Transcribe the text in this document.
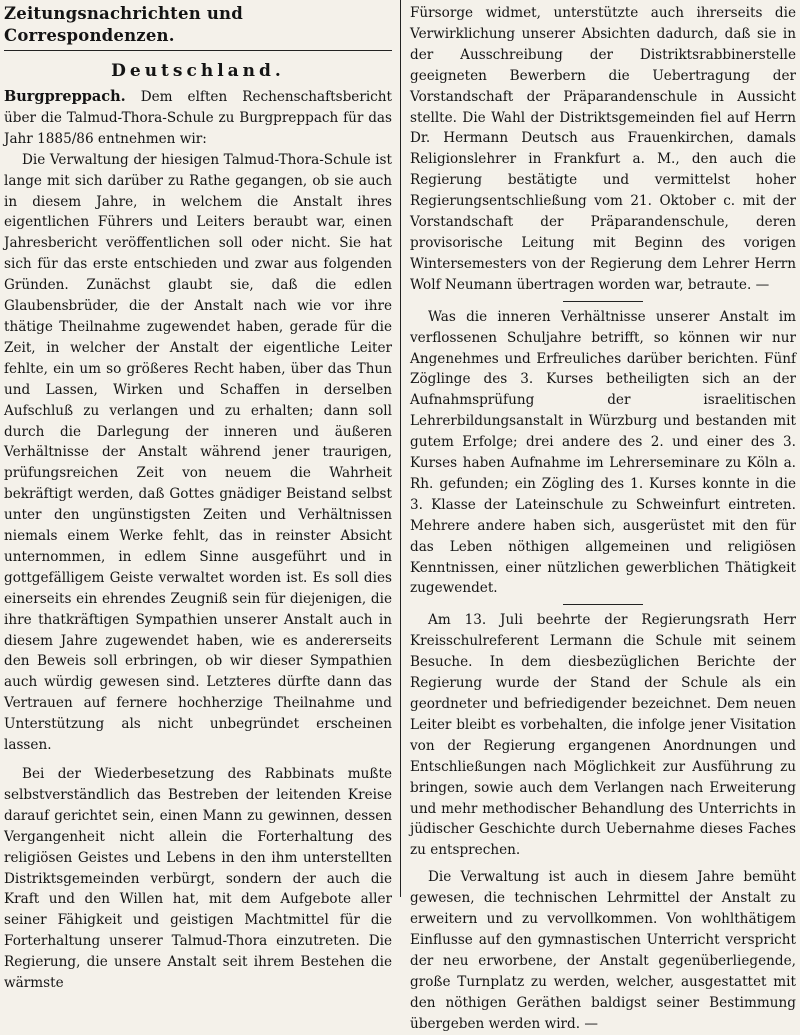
Zeitungsnachrichten und Correspondenzen.
Deutschland.

Burgpreppach. Dem elften Rechenschaftsbericht über die Talmud-Thora-Schule zu Burgpreppach für das Jahr 1885/86 entnehmen wir:

Die Verwaltung der hiesigen Talmud-Thora-Schule ist lange mit sich darüber zu Rathe gegangen, ob sie auch in diesem Jahre, in welchem die Anstalt ihres eigentlichen Führers und Leiters beraubt war, einen Jahresbericht veröffentlichen soll oder nicht. Sie hat sich für das erste entschieden und zwar aus folgenden Gründen. Zunächst glaubt sie, daß die edlen Glaubensbrüder, die der Anstalt nach wie vor ihre thätige Theilnahme zugewendet haben, gerade für die Zeit, in welcher der Anstalt der eigentliche Leiter fehlte, ein um so größeres Recht haben, über das Thun und Lassen, Wirken und Schaffen in derselben Aufschluß zu verlangen und zu erhalten; dann soll durch die Darlegung der inneren und äußeren Verhältnisse der Anstalt während jener traurigen, prüfungsreichen Zeit von neuem die Wahrheit bekräftigt werden, daß Gottes gnädiger Beistand selbst unter den ungünstigsten Zeiten und Verhältnissen niemals einem Werke fehlt, das in reinster Absicht unternommen, in edlem Sinne ausgeführt und in gottgefälligem Geiste verwaltet worden ist. Es soll dies einerseits ein ehrendes Zeugniß sein für diejenigen, die ihre thatkräftigen Sympathien unserer Anstalt auch in diesem Jahre zugewendet haben, wie es andererseits den Beweis soll erbringen, ob wir dieser Sympathien auch würdig gewesen sind. Letzteres dürfte dann das Vertrauen auf fernere hochherzige Theilnahme und Unterstützung als nicht unbegründet erscheinen lassen.

Bei der Wiederbesetzung des Rabbinats mußte selbstverständlich das Bestreben der leitenden Kreise darauf gerichtet sein, einen Mann zu gewinnen, dessen Vergangenheit nicht allein die Forterhaltung des religiösen Geistes und Lebens in den ihm unterstellten Distriktsgemeinden verbürgt, sondern der auch die Kraft und den Willen hat, mit dem Aufgebote aller seiner Fähigkeit und geistigen Machtmittel für die Forterhaltung unserer Talmud-Thora einzutreten. Die Regierung, die unsere Anstalt seit ihrem Bestehen die wärmste

Fürsorge widmet, unterstützte auch ihrerseits die Verwirklichung unserer Absichten dadurch, daß sie in der Ausschreibung der Distriktsrabbinerstelle geeigneten Bewerbern die Uebertragung der Vorstandschaft der Präparandenschule in Aussicht stellte. Die Wahl der Distriktsgemeinden fiel auf Herrn Dr. Hermann Deutsch aus Frauenkirchen, damals Religionslehrer in Frankfurt a. M., den auch die Regierung bestätigte und vermittelst hoher Regierungsentschließung vom 21. Oktober c. mit der Vorstandschaft der Präparandenschule, deren provisorische Leitung mit Beginn des vorigen Wintersemesters von der Regierung dem Lehrer Herrn Wolf Neumann übertragen worden war, betraute. —

Was die inneren Verhältnisse unserer Anstalt im verflossenen Schuljahre betrifft, so können wir nur Angenehmes und Erfreuliches darüber berichten. Fünf Zöglinge des 3. Kurses betheiligten sich an der Aufnahmsprüfung der israelitischen Lehrerbildungsanstalt in Würzburg und bestanden mit gutem Erfolge; drei andere des 2. und einer des 3. Kurses haben Aufnahme im Lehrerseminare zu Köln a. Rh. gefunden; ein Zögling des 1. Kurses konnte in die 3. Klasse der Lateinschule zu Schweinfurt eintreten. Mehrere andere haben sich, ausgerüstet mit den für das Leben nöthigen allgemeinen und religiösen Kenntnissen, einer nützlichen gewerblichen Thätigkeit zugewendet.

Am 13. Juli beehrte der Regierungsrath Herr Kreisschulreferent Lermann die Schule mit seinem Besuche. In dem diesbezüglichen Berichte der Regierung wurde der Stand der Schule als ein geordneter und befriedigender bezeichnet. Dem neuen Leiter bleibt es vorbehalten, die infolge jener Visitation von der Regierung ergangenen Anordnungen und Entschließungen nach Möglichkeit zur Ausführung zu bringen, sowie auch dem Verlangen nach Erweiterung und mehr methodischer Behandlung des Unterrichts in jüdischer Geschichte durch Uebernahme dieses Faches zu entsprechen.

Die Verwaltung ist auch in diesem Jahre bemüht gewesen, die technischen Lehrmittel der Anstalt zu erweitern und zu vervollkommen. Von wohlthätigem Einflusse auf den gymnastischen Unterricht verspricht der neu erworbene, der Anstalt gegenüberliegende, große Turnplatz zu werden, welcher, ausgestattet mit den nöthigen Geräthen baldigst seiner Bestimmung übergeben werden wird. —
